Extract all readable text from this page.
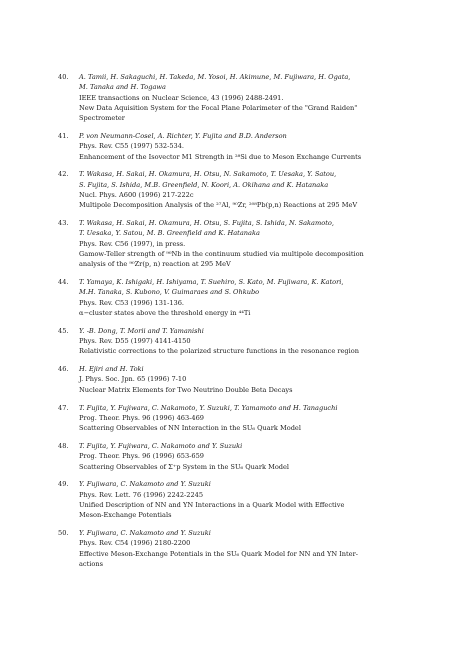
40. A. Tamii, H. Sakaguchi, H. Takeda, M. Yosoi, H. Akimune, M. Fujiwara, H. Ogata,
M. Tanaka and H. Togawa
IEEE transactions on Nuclear Science, 43 (1996) 2488-2491.
New Data Aquisition System for the Focal Plane Polarimeter of the "Grand Raiden"
Spectrometer
41. P. von Neumann-Cosel, A. Richter, Y. Fujita and B.D. Anderson
Phys. Rev. C55 (1997) 532-534.
Enhancement of the Isovector M1 Strength in ²⁸Si due to Meson Exchange Currents
42. T. Wakasa, H. Sakai, H. Okamura, H. Otsu, N. Sakamoto, T. Uesaka, Y. Satou,
S. Fujita, S. Ishida, M.B. Greenfield, N. Koori, A. Okihana and K. Hatanaka
Nucl. Phys. A600 (1996) 217-222c
Multipole Decomposition Analysis of the ²⁷Al, ⁹⁰Zr, ²⁰⁸Pb(p,n) Reactions at 295 MeV
43. T. Wakasa, H. Sakai, H. Okamura, H. Otsu, S. Fujita, S. Ishida, N. Sakamoto,
T. Uesaka, Y. Satou, M. B. Greenfield and K. Hatanaka
Phys. Rev. C56 (1997), in press.
Gamow-Teller strength of ⁹⁰Nb in the continuum studied via multipole decomposition
analysis of the ⁹⁰Zr(p, n) reaction at 295 MeV
44. T. Yamaya, K. Ishigaki, H. Ishiyama, T. Suehiro, S. Kato, M. Fujiwara, K. Katori,
M.H. Tanaka, S. Kubono, V. Guimaraes and S. Ohkubo
Phys. Rev. C53 (1996) 131-136.
α−cluster states above the threshold energy in ⁴⁴Ti
45. Y. -B. Dong, T. Morii and T. Yamanishi
Phys. Rev. D55 (1997) 4141-4150
Relativistic corrections to the polarized structure functions in the resonance region
46. H. Ejiri and H. Toki
J. Phys. Soc. Jpn. 65 (1996) 7-10
Nuclear Matrix Elements for Two Neutrino Double Beta Decays
47. T. Fujita, Y. Fujiwara, C. Nakamoto, Y. Suzuki, T. Yamamoto and H. Tanaguchi
Prog. Theor. Phys. 96 (1996) 463-469
Scattering Observables of NN Interaction in the SU₆ Quark Model
48. T. Fujita, Y. Fujiwara, C. Nakamoto and Y. Suzuki
Prog. Theor. Phys. 96 (1996) 653-659
Scattering Observables of Σ⁺p System in the SU₆ Quark Model
49. Y. Fujiwara, C. Nakamoto and Y. Suzuki
Phys. Rev. Lett. 76 (1996) 2242-2245
Unified Description of NN and YN Interactions in a Quark Model with Effective
Meson-Exchange Potentials
50. Y. Fujiwara, C. Nakamoto and Y. Suzuki
Phys. Rev. C54 (1996) 2180-2200
Effective Meson-Exchange Potentials in the SU₆ Quark Model for NN and YN Inter-
actions
